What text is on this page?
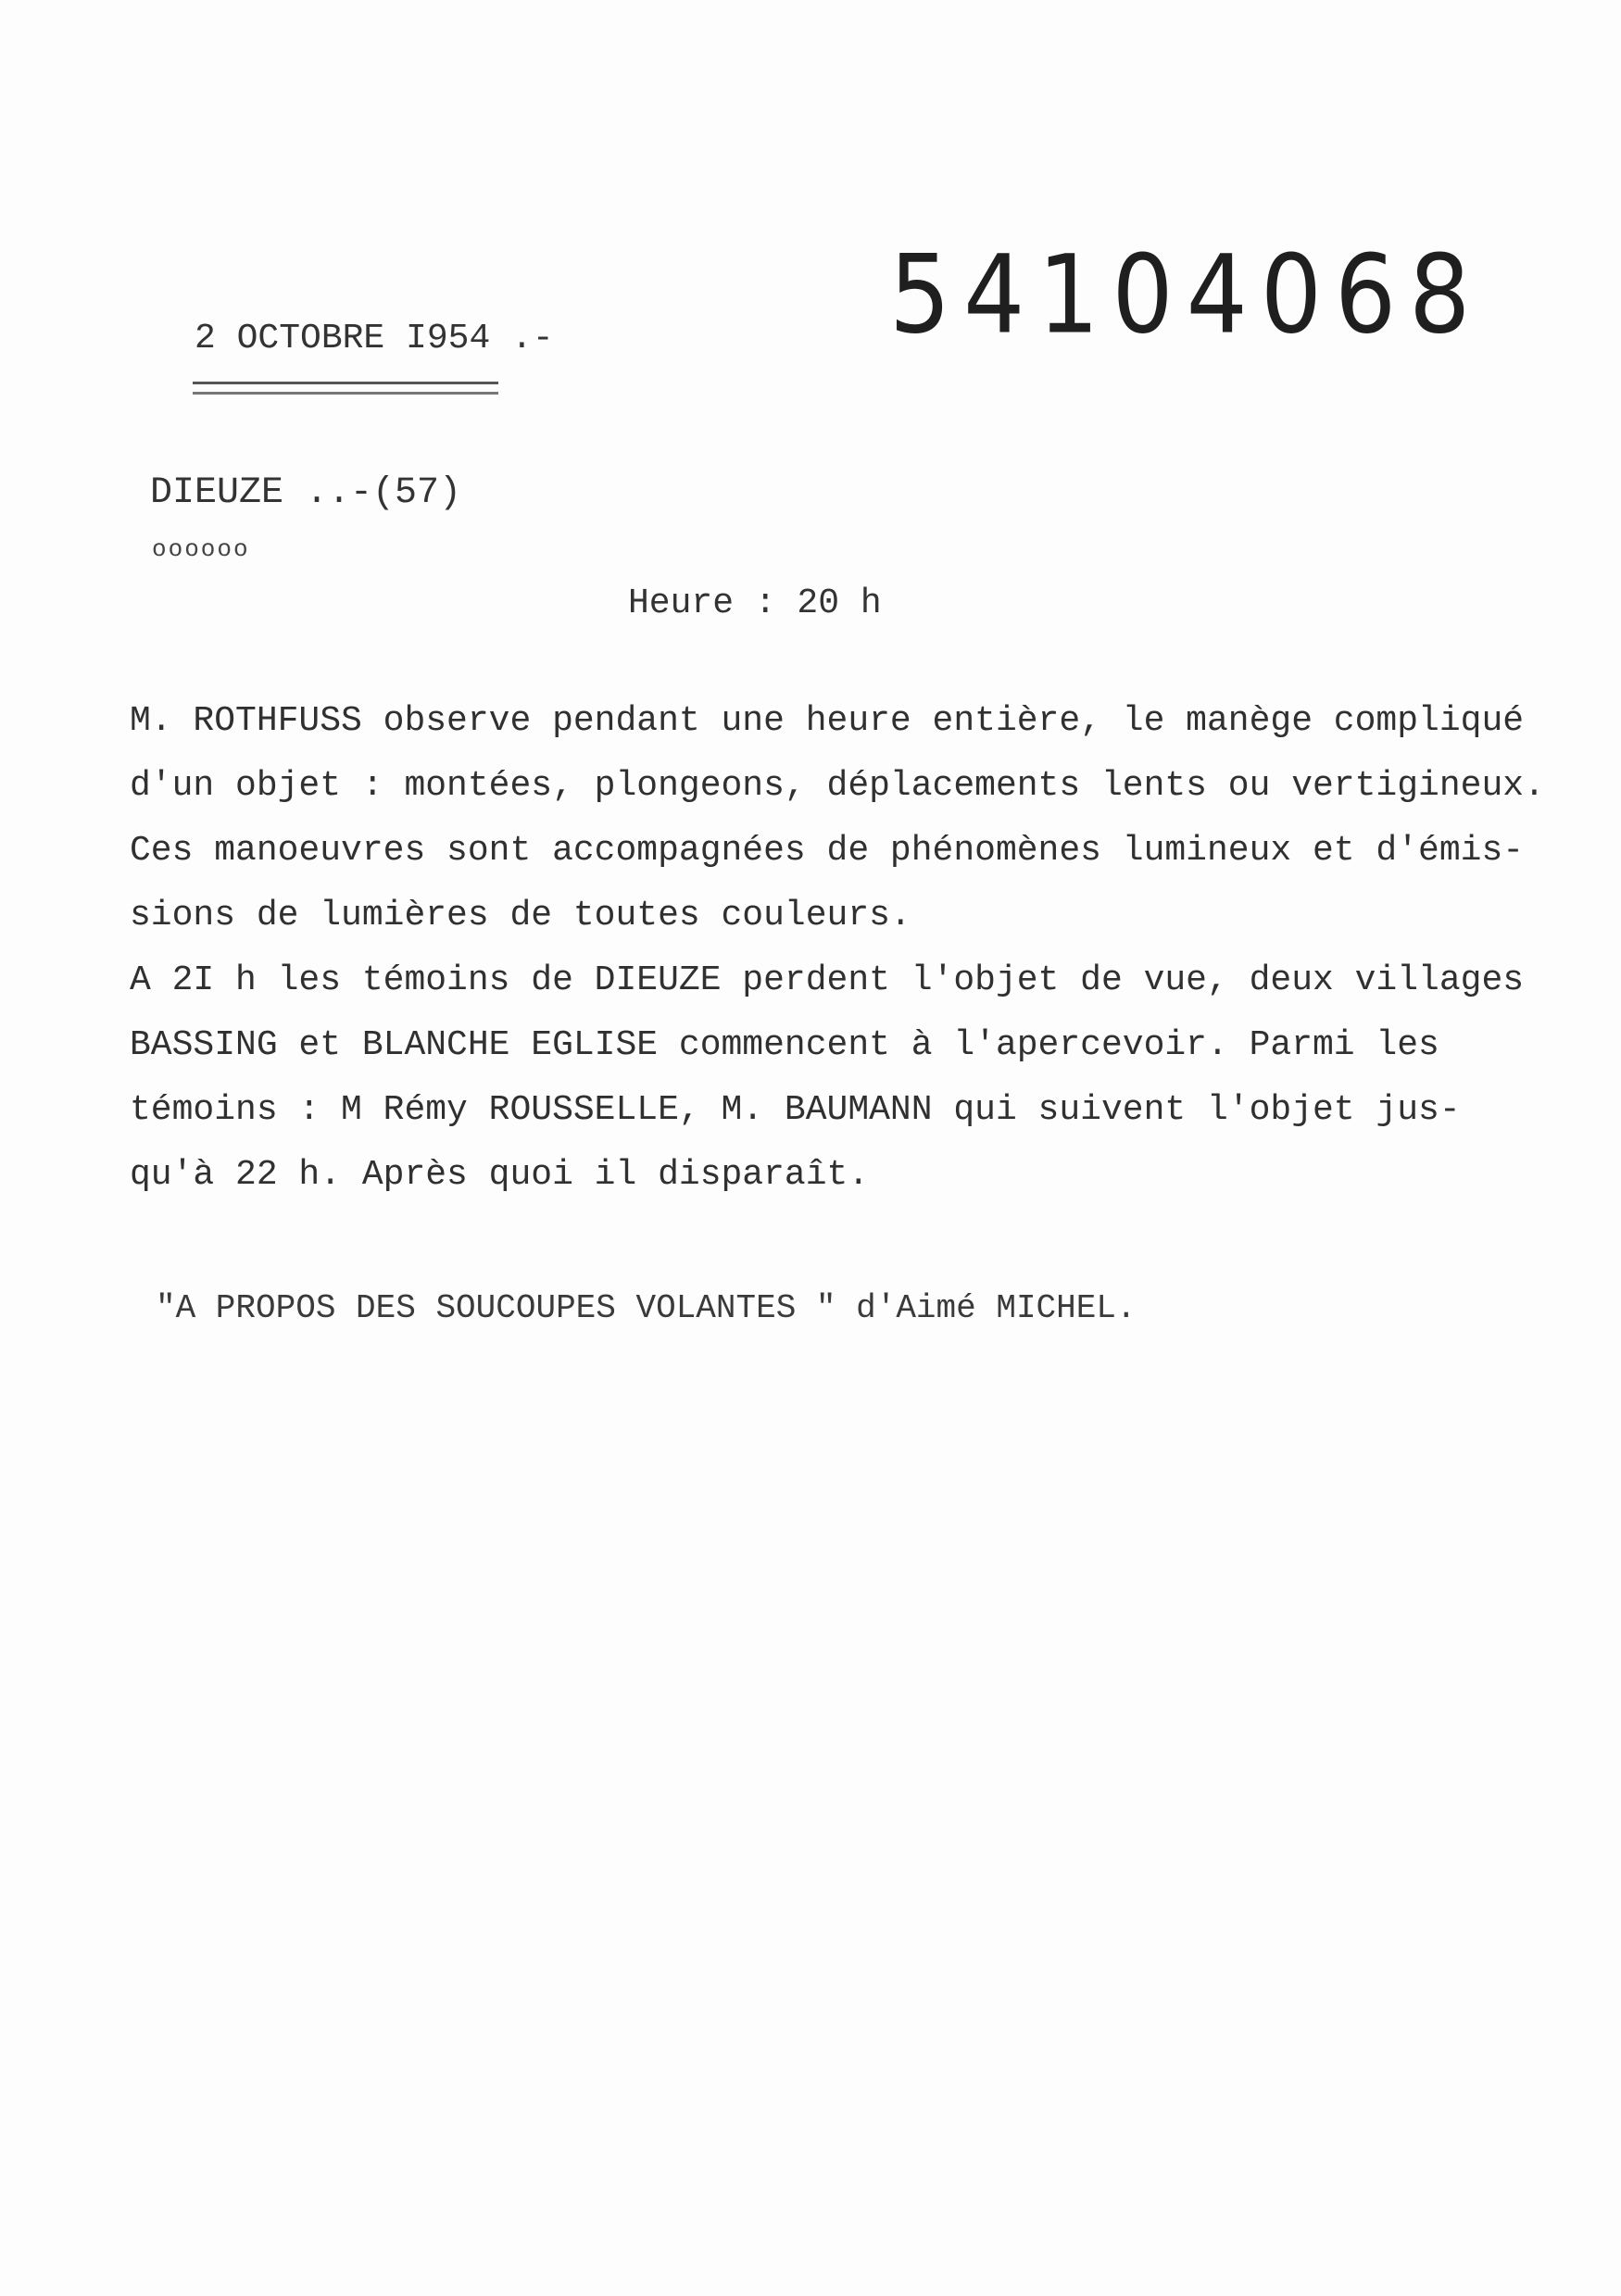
54104068
2 OCTOBRE I954 .-
DIEUZE ..-(57)
oooooo
Heure : 20 h
M. ROTHFUSS observe pendant une heure entière, le manège compliqué
d'un objet : montées, plongeons, déplacements lents ou vertigineux.
Ces manoeuvres sont accompagnées de phénomènes lumineux et d'émis-
sions de lumières de toutes couleurs.
A 2I h les témoins de DIEUZE perdent l'objet de vue, deux villages
BASSING et BLANCHE EGLISE commencent à l'apercevoir. Parmi les
témoins : M Rémy ROUSSELLE, M. BAUMANN qui suivent l'objet jus-
qu'à 22 h. Après quoi il disparaît.
"A PROPOS DES SOUCOUPES VOLANTES " d'Aimé MICHEL.
